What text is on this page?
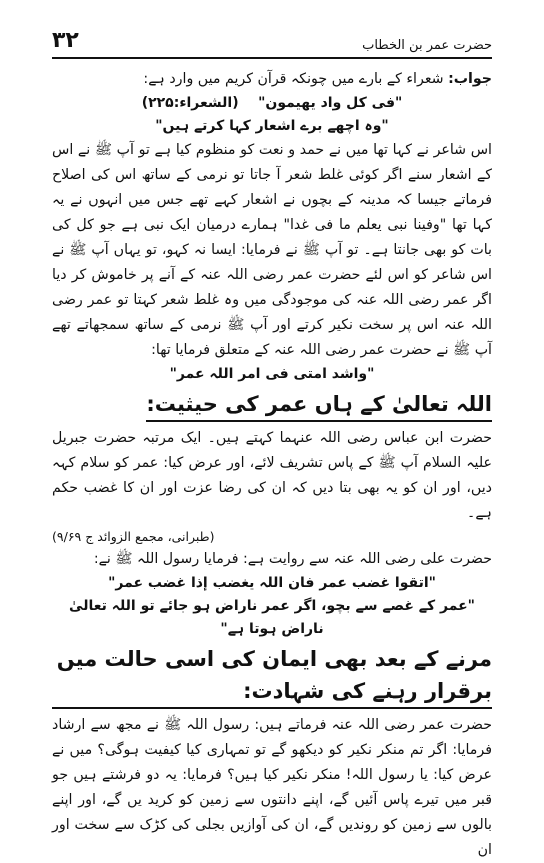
حضرت عمر بن الخطاب
۳۲

جواب: شعراء کے بارے میں چونکہ قرآن کریم میں وارد ہے:

"فی کل واد یھیمون"    (الشعراء:۲۲۵)

"وہ اچھے برے اشعار کہا کرتے ہیں"

اس شاعر نے کہا تھا میں نے حمد و نعت کو منظوم کیا ہے تو آپ ﷺ نے اس کے اشعار سنے اگر کوئی غلط شعر آ جاتا تو نرمی کے ساتھ اس کی اصلاح فرماتے جیسا کہ مدینہ کے بچوں نے اشعار کہے تھے جس میں انہوں نے یہ کہا تھا "وفینا نبی یعلم ما فی غدا" ہمارے درمیان ایک نبی ہے جو کل کی بات کو بھی جانتا ہے۔ تو آپ ﷺ نے فرمایا: ایسا نہ کہو، تو یہاں آپ ﷺ نے اس شاعر کو اس لئے حضرت عمر رضی اللہ عنہ کے آنے پر خاموش کر دیا اگر عمر رضی اللہ عنہ کی موجودگی میں وہ غلط شعر کہتا تو عمر رضی اللہ عنہ اس پر سخت نکیر کرتے اور آپ ﷺ نرمی کے ساتھ سمجھاتے تھے آپ ﷺ نے حضرت عمر رضی اللہ عنہ کے متعلق فرمایا تھا:

"واشد امتی فی امر اللہ عمر"

اللہ تعالیٰ کے ہاں عمر کی حیثیت:

حضرت ابن عباس رضی اللہ عنہما کہتے ہیں۔ ایک مرتبہ حضرت جبریل علیہ السلام آپ ﷺ کے پاس تشریف لائے، اور عرض کیا: عمر کو سلام کہہ دیں، اور ان کو یہ بھی بتا دیں کہ ان کی رضا عزت اور ان کا غضب حکم ہے۔

(طبرانی، مجمع الزوائد ج ۹/۶۹)

حضرت علی رضی اللہ عنہ سے روایت ہے: فرمایا رسول اللہ ﷺ نے:

"اتقوا غضب عمر فان اللہ یغضب إذا غضب عمر"

"عمر کے غصے سے بچو، اگر عمر ناراض ہو جائے تو اللہ تعالیٰ ناراض ہوتا ہے"

مرنے کے بعد بھی ایمان کی اسی حالت میں برقرار رہنے کی شہادت:

حضرت عمر رضی اللہ عنہ فرماتے ہیں: رسول اللہ ﷺ نے مجھ سے ارشاد فرمایا: اگر تم منکر نکیر کو دیکھو گے تو تمہاری کیا کیفیت ہوگی؟ میں نے عرض کیا: یا رسول اللہ! منکر نکیر کیا ہیں؟ فرمایا: یہ دو فرشتے ہیں جو قبر میں تیرے پاس آئیں گے، اپنے دانتوں سے زمین کو کرید یں گے، اور اپنے بالوں سے زمین کو روندیں گے، ان کی آوازیں بجلی کی کڑک سے سخت اور ان
